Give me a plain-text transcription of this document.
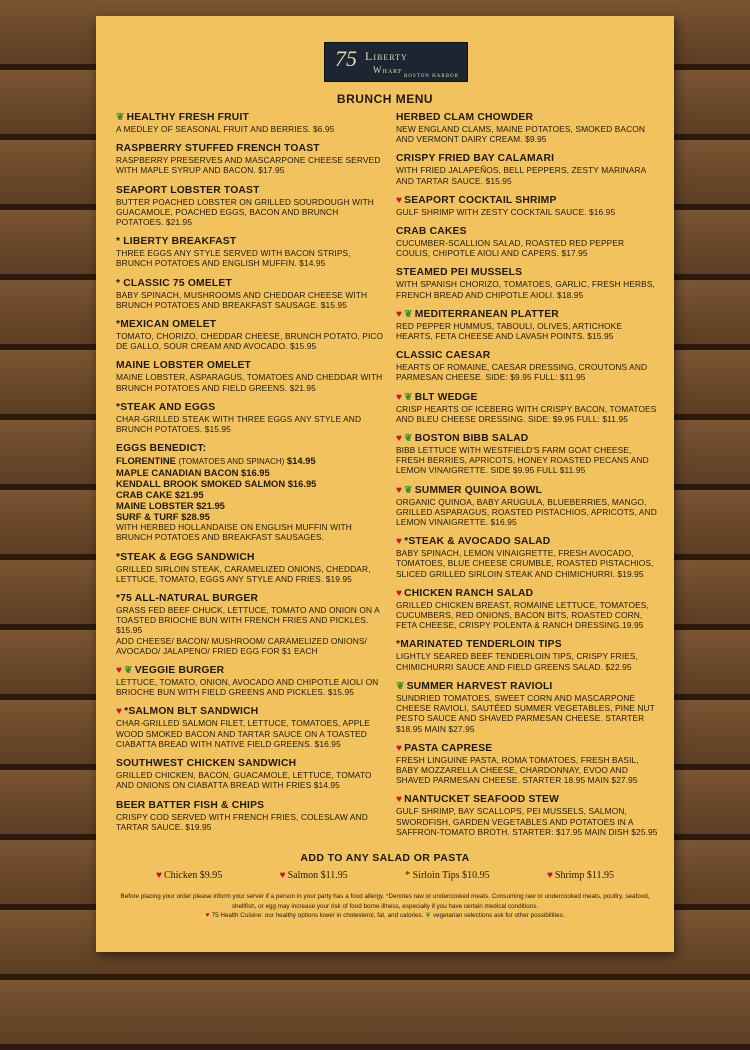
75 Liberty
Wharf
BOSTON HARBOR
BRUNCH MENU
❦ HEALTHY FRESH FRUIT
A MEDLEY OF SEASONAL FRUIT AND BERRIES. $6.95
RASPBERRY STUFFED FRENCH TOAST
RASPBERRY PRESERVES AND MASCARPONE CHEESE SERVED WITH MAPLE SYRUP AND BACON. $17.95
SEAPORT LOBSTER TOAST
BUTTER POACHED LOBSTER ON GRILLED SOURDOUGH WITH GUACAMOLE, POACHED EGGS, BACON AND BRUNCH POTATOES. $21.95
* LIBERTY BREAKFAST
THREE EGGS ANY STYLE SERVED WITH BACON STRIPS, BRUNCH POTATOES AND ENGLISH MUFFIN. $14.95
* CLASSIC 75 OMELET
BABY SPINACH, MUSHROOMS AND CHEDDAR CHEESE WITH BRUNCH POTATOES AND BREAKFAST SAUSAGE. $15.95
*MEXICAN OMELET
TOMATO, CHORIZO, CHEDDAR CHEESE, BRUNCH POTATO, PICO DE GALLO, SOUR CREAM AND AVOCADO. $15.95
MAINE LOBSTER OMELET
MAINE LOBSTER, ASPARAGUS, TOMATOES AND CHEDDAR WITH BRUNCH POTATOES AND FIELD GREENS. $21.95
*STEAK AND EGGS
CHAR-GRILLED STEAK WITH THREE EGGS ANY STYLE AND BRUNCH POTATOES. $15.95
EGGS BENEDICT:
FLORENTINE (TOMATOES AND SPINACH) $14.95
MAPLE CANADIAN BACON $16.95
KENDALL BROOK SMOKED SALMON $16.95
CRAB CAKE $21.95
MAINE LOBSTER $21.95
SURF & TURF $28.95
WITH HERBED HOLLANDAISE ON ENGLISH MUFFIN WITH BRUNCH POTATOES AND BREAKFAST SAUSAGES.
*STEAK & EGG SANDWICH
GRILLED SIRLOIN STEAK, CARAMELIZED ONIONS, CHEDDAR, LETTUCE, TOMATO, EGGS ANY STYLE AND FRIES. $19.95
*75 ALL-NATURAL BURGER
GRASS FED BEEF CHUCK, LETTUCE, TOMATO AND ONION ON A TOASTED BRIOCHE BUN WITH FRENCH FRIES AND PICKLES. $15.95
ADD CHEESE/ BACON/ MUSHROOM/ CARAMELIZED ONIONS/ AVOCADO/ JALAPENO/ FRIED EGG FOR $1 EACH
♥ ❦ VEGGIE BURGER
LETTUCE, TOMATO, ONION, AVOCADO AND CHIPOTLE AIOLI ON BRIOCHE BUN WITH FIELD GREENS AND PICKLES. $15.95
♥ *SALMON BLT SANDWICH
CHAR-GRILLED SALMON FILET, LETTUCE, TOMATOES, APPLE WOOD SMOKED BACON AND TARTAR SAUCE ON A TOASTED CIABATTA BREAD WITH NATIVE FIELD GREENS. $16.95
SOUTHWEST CHICKEN SANDWICH
GRILLED CHICKEN, BACON, GUACAMOLE, LETTUCE, TOMATO AND ONIONS ON CIABATTA BREAD WITH FRIES $14.95
BEER BATTER FISH & CHIPS
CRISPY COD SERVED WITH FRENCH FRIES, COLESLAW AND TARTAR SAUCE. $19.95
HERBED CLAM CHOWDER
NEW ENGLAND CLAMS, MAINE POTATOES, SMOKED BACON AND VERMONT DAIRY CREAM. $9.95
CRISPY FRIED BAY CALAMARI
WITH FRIED JALAPEÑOS, BELL PEPPERS, ZESTY MARINARA AND TARTAR SAUCE. $15.95
♥ SEAPORT COCKTAIL SHRIMP
GULF SHRIMP WITH ZESTY COCKTAIL SAUCE. $16.95
CRAB CAKES
CUCUMBER-SCALLION SALAD, ROASTED RED PEPPER COULIS, CHIPOTLE AIOLI AND CAPERS. $17.95
STEAMED PEI MUSSELS
WITH SPANISH CHORIZO, TOMATOES, GARLIC, FRESH HERBS, FRENCH BREAD AND CHIPOTLE AIOLI. $18.95
♥ ❦ MEDITERRANEAN PLATTER
RED PEPPER HUMMUS, TABOULI, OLIVES, ARTICHOKE HEARTS, FETA CHEESE AND LAVASH POINTS. $15.95
CLASSIC CAESAR
HEARTS OF ROMAINE, CAESAR DRESSING, CROUTONS AND PARMESAN CHEESE. SIDE: $9.95 FULL: $11.95
♥ ❦ BLT WEDGE
CRISP HEARTS OF ICEBERG WITH CRISPY BACON, TOMATOES AND BLEU CHEESE DRESSING. SIDE: $9.95 FULL: $11.95
♥ ❦ BOSTON BIBB SALAD
BIBB LETTUCE WITH WESTFIELD'S FARM GOAT CHEESE, FRESH BERRIES, APRICOTS, HONEY ROASTED PECANS AND LEMON VINAIGRETTE. SIDE $9.95 FULL $11.95
♥ ❦ SUMMER QUINOA BOWL
ORGANIC QUINOA, BABY ARUGULA, BLUEBERRIES, MANGO, GRILLED ASPARAGUS, ROASTED PISTACHIOS, APRICOTS, AND LEMON VINAIGRETTE. $16.95
♥ *STEAK & AVOCADO SALAD
BABY SPINACH, LEMON VINAIGRETTE, FRESH AVOCADO, TOMATOES, BLUE CHEESE CRUMBLE, ROASTED PISTACHIOS, SLICED GRILLED SIRLOIN STEAK AND CHIMICHURRI. $19.95
♥ CHICKEN RANCH SALAD
GRILLED CHICKEN BREAST, ROMAINE LETTUCE, TOMATOES, CUCUMBERS, RED ONIONS, BACON BITS, ROASTED CORN, FETA CHEESE, CRISPY POLENTA & RANCH DRESSING.19.95
*MARINATED TENDERLOIN TIPS
LIGHTLY SEARED BEEF TENDERLOIN TIPS, CRISPY FRIES, CHIMICHURRI SAUCE AND FIELD GREENS SALAD. $22.95
❦ SUMMER HARVEST RAVIOLI
SUNDRIED TOMATOES, SWEET CORN AND MASCARPONE CHEESE RAVIOLI, SAUTÉED SUMMER VEGETABLES, PINE NUT PESTO SAUCE AND SHAVED PARMESAN CHEESE. STARTER $18.95 MAIN $27.95
♥ PASTA CAPRESE
FRESH LINGUINE PASTA, ROMA TOMATOES, FRESH BASIL, BABY MOZZARELLA CHEESE, CHARDONNAY, EVOO AND SHAVED PARMESAN CHEESE. STARTER 18.95 MAIN $27.95
♥ NANTUCKET SEAFOOD STEW
GULF SHRIMP, BAY SCALLOPS, PEI MUSSELS, SALMON, SWORDFISH, GARDEN VEGETABLES AND POTATOES IN A SAFFRON-TOMATO BROTH. STARTER: $17.95 MAIN DISH $25.95
ADD TO ANY SALAD OR PASTA
♥ Chicken $9.95	♥ Salmon $11.95	* Sirloin Tips $10.95	♥ Shrimp $11.95
Before placing your order please inform your server if a person in your party has a food allergy. *Denotes raw or undercooked meats. Consuming raw or undercooked meats, poultry, seafood, shellfish, or egg may increase your risk of food borne illness, especially if you have certain medical conditions.
♥ 75 Health Cuisine: our healthy options lower in cholesterol, fat, and calories. ❦ vegetarian selections ask for other possibilities.
